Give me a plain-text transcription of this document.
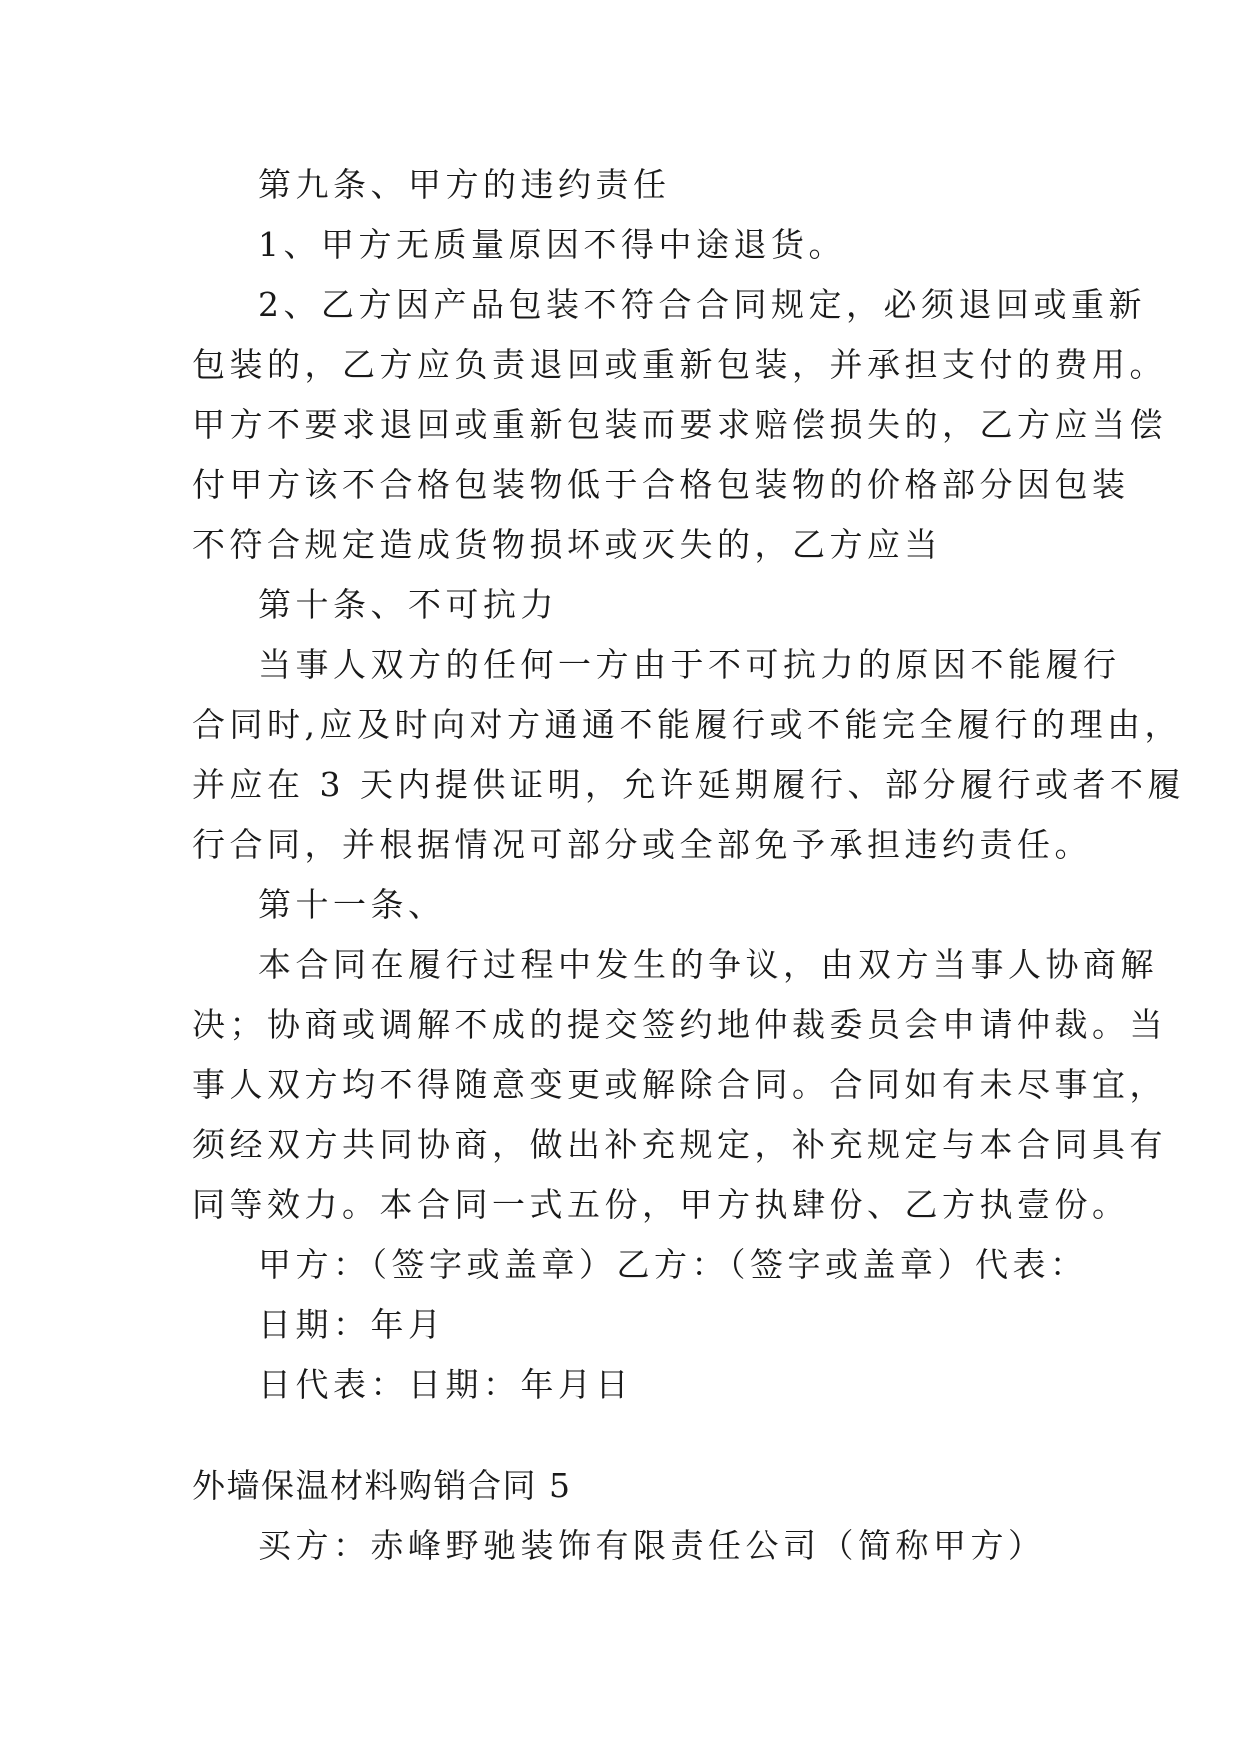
第九条、甲方的违约责任
1、甲方无质量原因不得中途退货。
2、乙方因产品包装不符合合同规定，必须退回或重新
包装的，乙方应负责退回或重新包装，并承担支付的费用。
甲方不要求退回或重新包装而要求赔偿损失的，乙方应当偿
付甲方该不合格包装物低于合格包装物的价格部分因包装
不符合规定造成货物损坏或灭失的，乙方应当
第十条、不可抗力
当事人双方的任何一方由于不可抗力的原因不能履行
合同时,应及时向对方通通不能履行或不能完全履行的理由，
并应在 3 天内提供证明，允许延期履行、部分履行或者不履
行合同，并根据情况可部分或全部免予承担违约责任。
第十一条、
本合同在履行过程中发生的争议，由双方当事人协商解
决；协商或调解不成的提交签约地仲裁委员会申请仲裁。当
事人双方均不得随意变更或解除合同。合同如有未尽事宜，
须经双方共同协商，做出补充规定，补充规定与本合同具有
同等效力。本合同一式五份，甲方执肆份、乙方执壹份。
甲方：（签字或盖章）乙方：（签字或盖章）代表：
日期：年月
日代表：日期：年月日
外墙保温材料购销合同 5
买方：赤峰野驰装饰有限责任公司（简称甲方）
